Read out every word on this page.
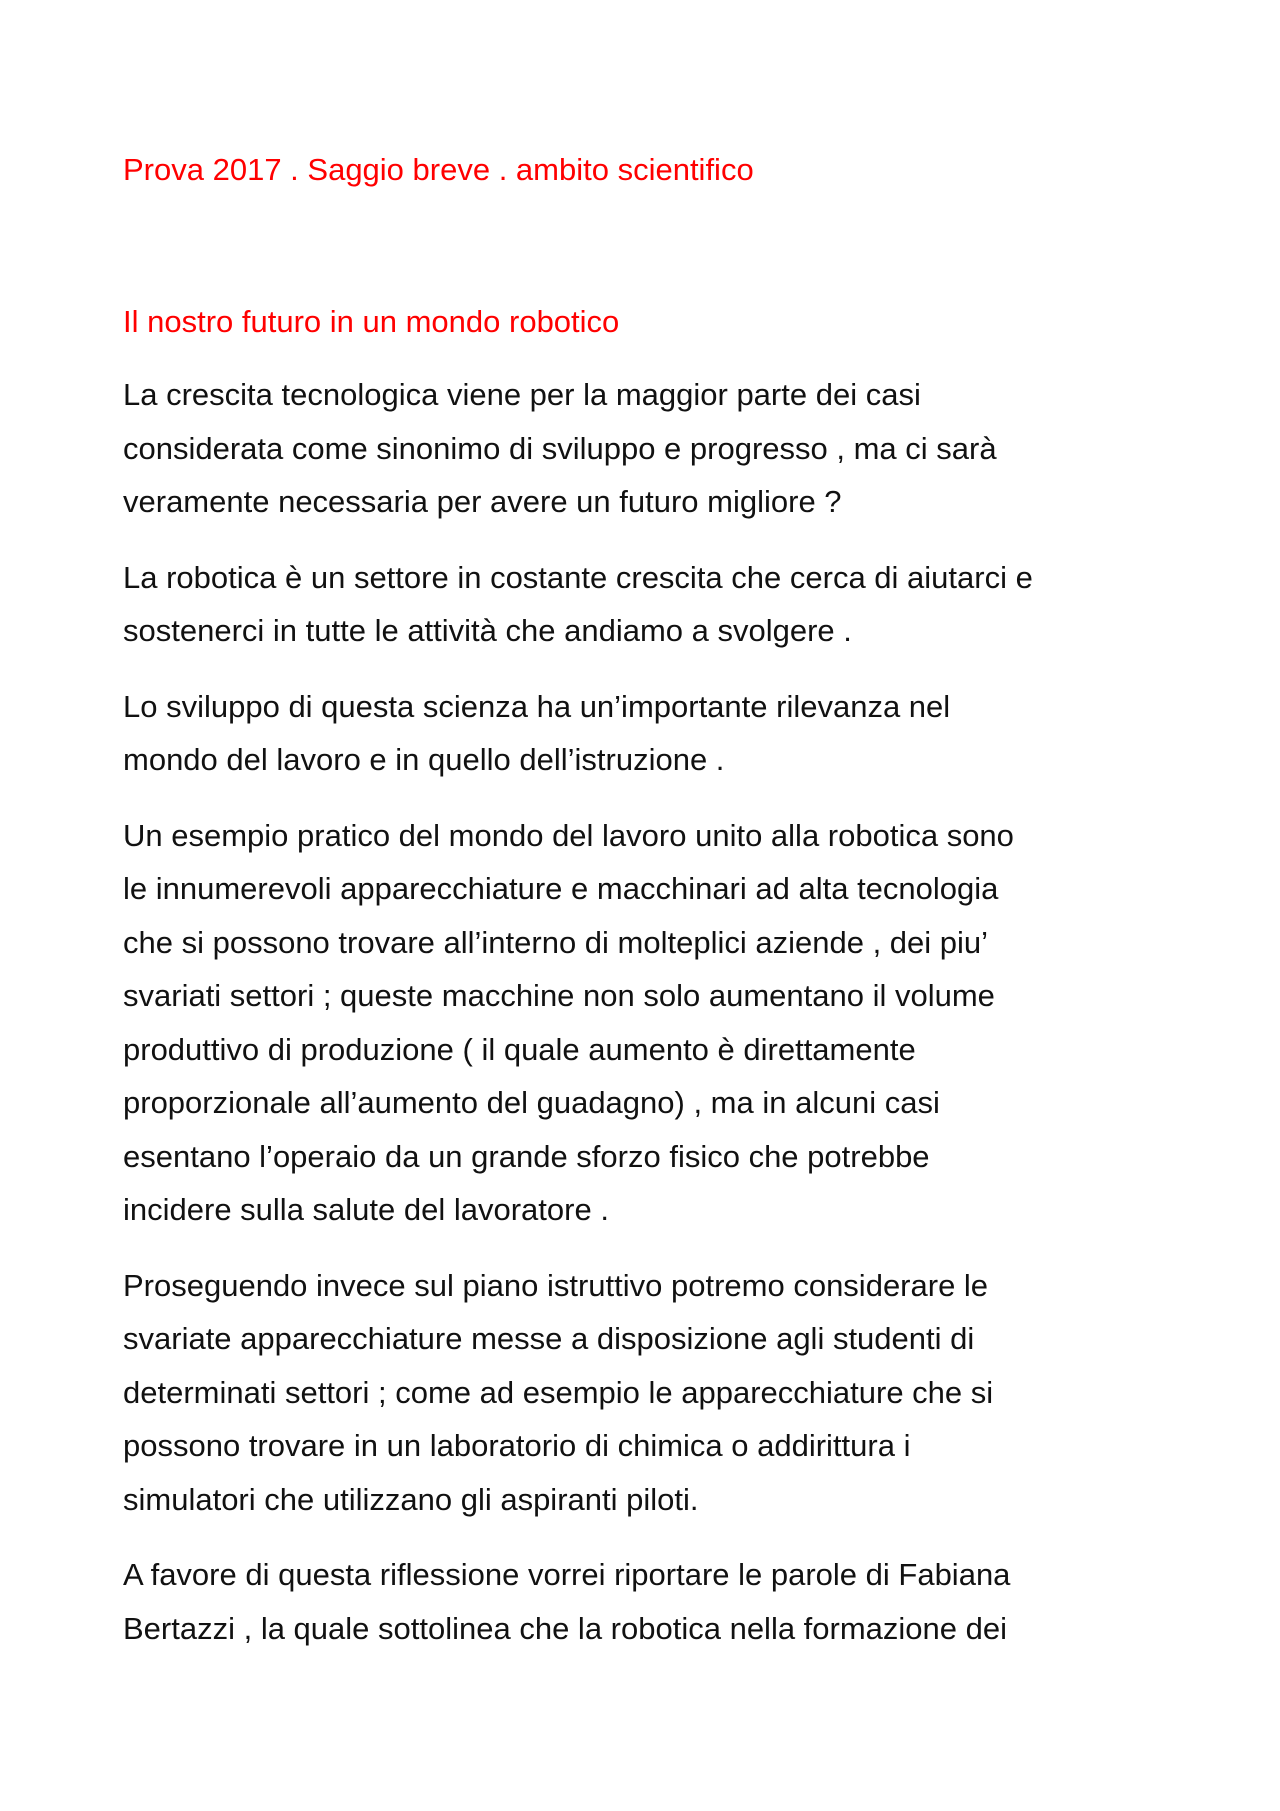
Prova 2017 . Saggio breve . ambito scientifico

Il nostro futuro in un mondo robotico

La crescita tecnologica viene per la maggior parte dei casi
considerata come sinonimo di sviluppo e progresso , ma ci sarà
veramente necessaria per avere un futuro migliore ?

La robotica è un settore in costante crescita che cerca di aiutarci e
sostenerci in tutte le attività che andiamo a svolgere .

Lo sviluppo di questa scienza ha un’importante rilevanza nel
mondo del lavoro e in quello dell’istruzione .

Un esempio pratico del mondo del lavoro unito alla robotica sono
le innumerevoli apparecchiature e macchinari ad alta tecnologia
che si possono trovare all’interno di molteplici aziende , dei piu’
svariati settori ; queste macchine non solo aumentano il volume
produttivo di produzione ( il quale aumento è direttamente
proporzionale all’aumento del guadagno) , ma in alcuni casi
esentano l’operaio da un grande sforzo fisico che potrebbe
incidere sulla salute del lavoratore .

Proseguendo invece sul piano istruttivo potremo considerare le
svariate apparecchiature messe a disposizione agli studenti di
determinati settori ; come ad esempio le apparecchiature che si
possono trovare in un laboratorio di chimica o addirittura i
simulatori che utilizzano gli aspiranti piloti.

A favore di questa riflessione vorrei riportare le parole di Fabiana
Bertazzi , la quale sottolinea che la robotica nella formazione dei
